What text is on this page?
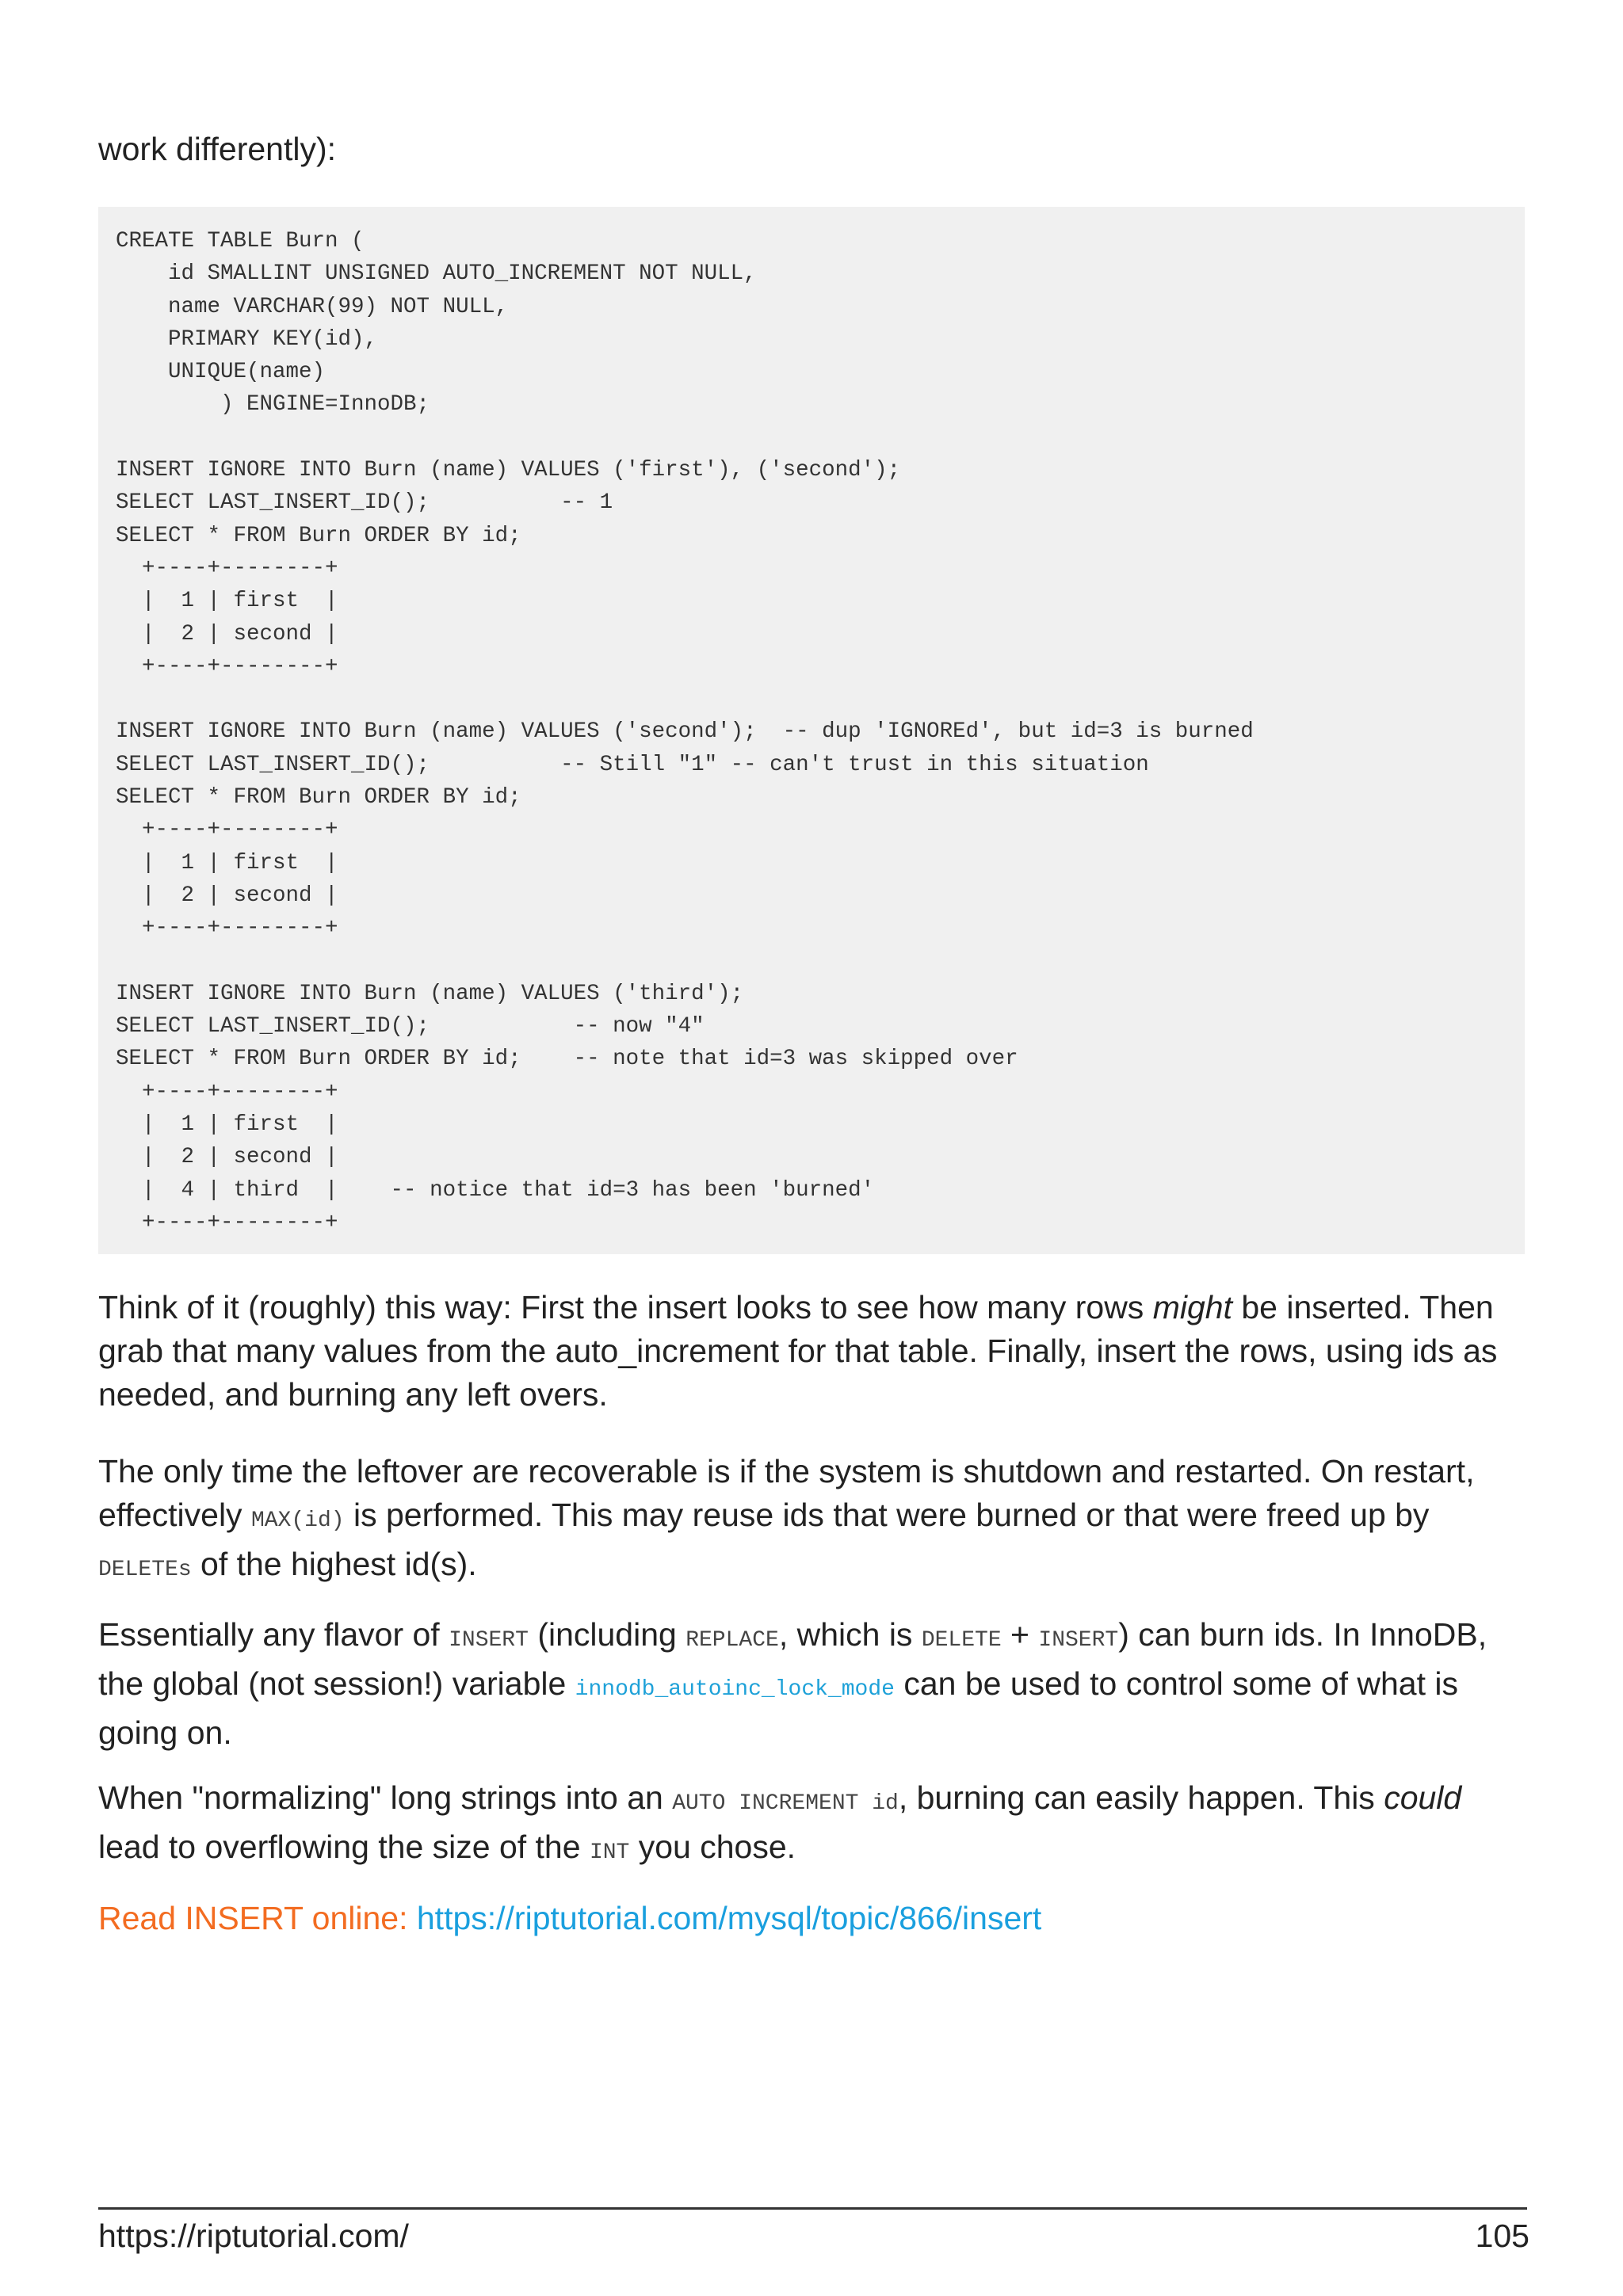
work differently):

CREATE TABLE Burn (
id SMALLINT UNSIGNED AUTO_INCREMENT NOT NULL,
name VARCHAR(99) NOT NULL,
PRIMARY KEY(id),
UNIQUE(name)
) ENGINE=InnoDB;

INSERT IGNORE INTO Burn (name) VALUES ('first'), ('second');
SELECT LAST_INSERT_ID();          -- 1
SELECT * FROM Burn ORDER BY id;
+----+--------+
|  1 | first  |
|  2 | second |
+----+--------+

INSERT IGNORE INTO Burn (name) VALUES ('second');  -- dup 'IGNOREd', but id=3 is burned
SELECT LAST_INSERT_ID();          -- Still "1" -- can't trust in this situation
SELECT * FROM Burn ORDER BY id;
+----+--------+
|  1 | first  |
|  2 | second |
+----+--------+

INSERT IGNORE INTO Burn (name) VALUES ('third');
SELECT LAST_INSERT_ID();           -- now "4"
SELECT * FROM Burn ORDER BY id;    -- note that id=3 was skipped over
+----+--------+
|  1 | first  |
|  2 | second |
|  4 | third  |    -- notice that id=3 has been 'burned'
+----+--------+

Think of it (roughly) this way: First the insert looks to see how many rows might be inserted. Then grab that many values from the auto_increment for that table. Finally, insert the rows, using ids as needed, and burning any left overs.

The only time the leftover are recoverable is if the system is shutdown and restarted. On restart, effectively MAX(id) is performed. This may reuse ids that were burned or that were freed up by DELETEs of the highest id(s).

Essentially any flavor of INSERT (including REPLACE, which is DELETE + INSERT) can burn ids. In InnoDB, the global (not session!) variable innodb_autoinc_lock_mode can be used to control some of what is going on.

When "normalizing" long strings into an AUTO INCREMENT id, burning can easily happen. This could lead to overflowing the size of the INT you chose.

Read INSERT online: https://riptutorial.com/mysql/topic/866/insert

https://riptutorial.com/	105
